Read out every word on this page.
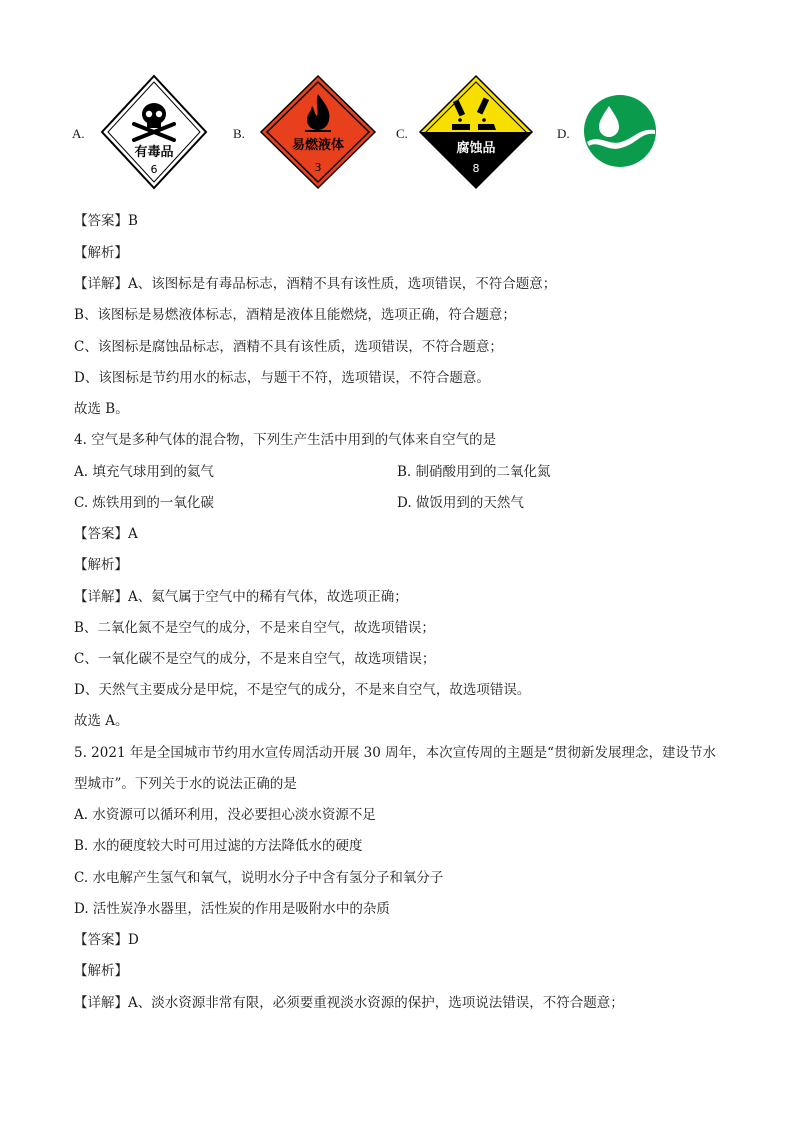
A.
有毒品
6
B.
易燃液体
3
C.
腐蚀品
8
D.
【答案】B
【解析】
【详解】A、该图标是有毒品标志，酒精不具有该性质，选项错误，不符合题意；
B、该图标是易燃液体标志，酒精是液体且能燃烧，选项正确，符合题意；
C、该图标是腐蚀品标志，酒精不具有该性质，选项错误，不符合题意；
D、该图标是节约用水的标志，与题干不符，选项错误，不符合题意。
故选 B。
4. 空气是多种气体的混合物，下列生产生活中用到的气体来自空气的是
A. 填充气球用到的氦气	B. 制硝酸用到的二氧化氮
C. 炼铁用到的一氧化碳	D. 做饭用到的天然气
【答案】A
【解析】
【详解】A、氦气属于空气中的稀有气体，故选项正确；
B、二氧化氮不是空气的成分，不是来自空气，故选项错误；
C、一氧化碳不是空气的成分，不是来自空气，故选项错误；
D、天然气主要成分是甲烷，不是空气的成分，不是来自空气，故选项错误。
故选 A。
5. 2021 年是全国城市节约用水宣传周活动开展 30 周年，本次宣传周的主题是“贯彻新发展理念，建设节水
型城市”。下列关于水的说法正确的是
A. 水资源可以循环利用，没必要担心淡水资源不足
B. 水的硬度较大时可用过滤的方法降低水的硬度
C. 水电解产生氢气和氧气，说明水分子中含有氢分子和氧分子
D. 活性炭净水器里，活性炭的作用是吸附水中的杂质
【答案】D
【解析】
【详解】A、淡水资源非常有限，必须要重视淡水资源的保护，选项说法错误，不符合题意；
